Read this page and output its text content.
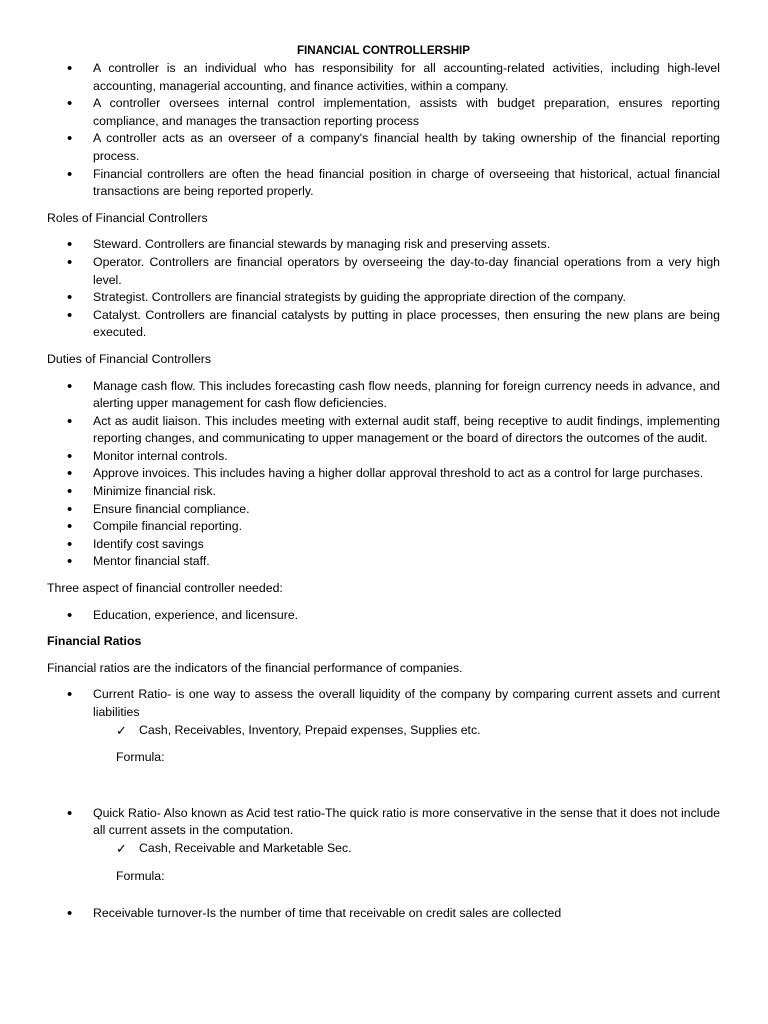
FINANCIAL CONTROLLERSHIP

• A controller is an individual who has responsibility for all accounting-related activities, including high-level accounting, managerial accounting, and finance activities, within a company.
• A controller oversees internal control implementation, assists with budget preparation, ensures reporting compliance, and manages the transaction reporting process
• A controller acts as an overseer of a company's financial health by taking ownership of the financial reporting process.
• Financial controllers are often the head financial position in charge of overseeing that historical, actual financial transactions are being reported properly.

Roles of Financial Controllers

• Steward. Controllers are financial stewards by managing risk and preserving assets.
• Operator. Controllers are financial operators by overseeing the day-to-day financial operations from a very high level.
• Strategist. Controllers are financial strategists by guiding the appropriate direction of the company.
• Catalyst. Controllers are financial catalysts by putting in place processes, then ensuring the new plans are being executed.

Duties of Financial Controllers

• Manage cash flow. This includes forecasting cash flow needs, planning for foreign currency needs in advance, and alerting upper management for cash flow deficiencies.
• Act as audit liaison. This includes meeting with external audit staff, being receptive to audit findings, implementing reporting changes, and communicating to upper management or the board of directors the outcomes of the audit.
• Monitor internal controls.
• Approve invoices. This includes having a higher dollar approval threshold to act as a control for large purchases.
• Minimize financial risk.
• Ensure financial compliance.
• Compile financial reporting.
• Identify cost savings
• Mentor financial staff.

Three aspect of financial controller needed:

• Education, experience, and licensure.

Financial Ratios

Financial ratios are the indicators of the financial performance of companies.

• Current Ratio- is one way to assess the overall liquidity of the company by comparing current assets and current liabilities
✓ Cash, Receivables, Inventory, Prepaid expenses, Supplies etc.

Formula:

• Quick Ratio- Also known as Acid test ratio-The quick ratio is more conservative in the sense that it does not include all current assets in the computation.
✓ Cash, Receivable and Marketable Sec.

Formula:

• Receivable turnover-Is the number of time that receivable on credit sales are collected
